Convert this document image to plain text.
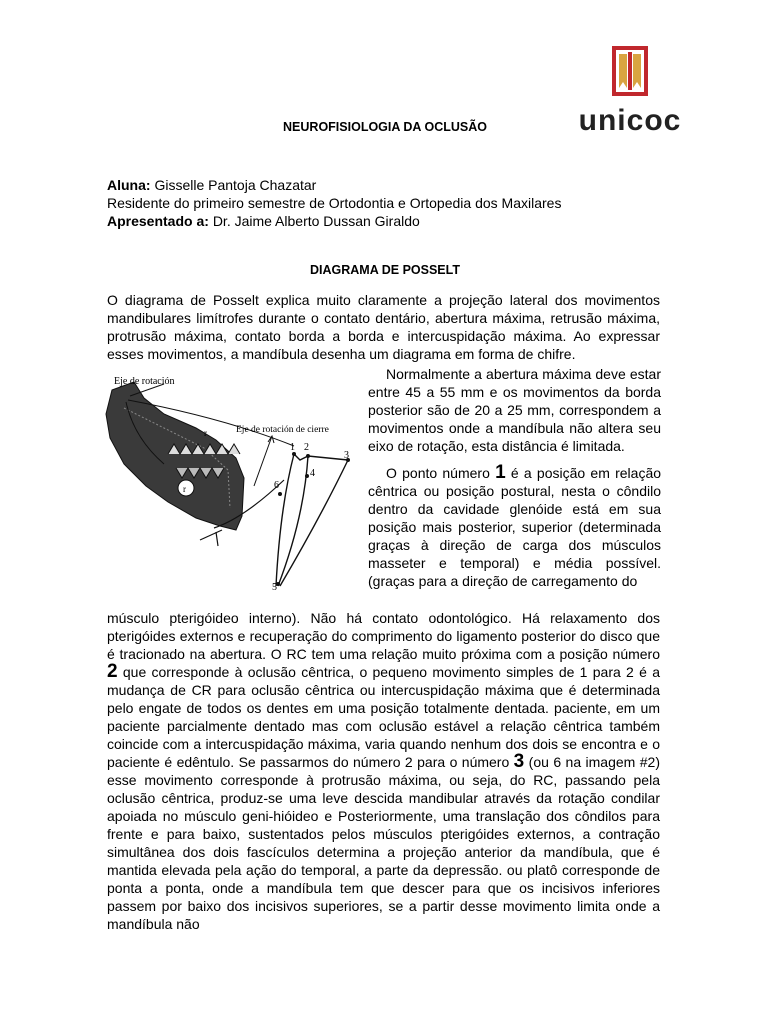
unicoc
NEUROFISIOLOGIA DA OCLUSÃO
Aluna: Gisselle Pantoja Chazatar
Residente do primeiro semestre de Ortodontia e Ortopedia dos Maxilares
Apresentado a: Dr. Jaime Alberto Dussan Giraldo
DIAGRAMA DE POSSELT

O diagrama de Posselt explica muito claramente a projeção lateral dos movimentos mandibulares limítrofes durante o contato dentário, abertura máxima, retrusão máxima, protrusão máxima, contato borda a borda e intercuspidação máxima. Ao expressar esses movimentos, a mandíbula desenha um diagrama em forma de chifre.

r
r
Eje de rotación
Eje de rotación de cierre
1 2
3
4
5
6

Normalmente a abertura máxima deve estar entre 45 a 55 mm e os movimentos da borda posterior são de 20 a 25 mm, correspondem a movimentos onde a mandíbula não altera seu eixo de rotação, esta distância é limitada.

O ponto número 1 é a posição em relação cêntrica ou posição postural, nesta o côndilo dentro da cavidade glenóide está em sua posição mais posterior, superior (determinada graças à direção de carga dos músculos masseter e temporal) e média possível. (graças para a direção de carregamento do

músculo pterigóideo interno). Não há contato odontológico. Há relaxamento dos pterigóides externos e recuperação do comprimento do ligamento posterior do disco que é tracionado na abertura. O RC tem uma relação muito próxima com a posição número 2 que corresponde à oclusão cêntrica, o pequeno movimento simples de 1 para 2 é a mudança de CR para oclusão cêntrica ou intercuspidação máxima que é determinada pelo engate de todos os dentes em uma posição totalmente dentada. paciente, em um paciente parcialmente dentado mas com oclusão estável a relação cêntrica também coincide com a intercuspidação máxima, varia quando nenhum dos dois se encontra e o paciente é edêntulo. Se passarmos do número 2 para o número 3 (ou 6 na imagem #2) esse movimento corresponde à protrusão máxima, ou seja, do RC, passando pela oclusão cêntrica, produz-se uma leve descida mandibular através da rotação condilar apoiada no músculo geni-hióideo e Posteriormente, uma translação dos côndilos para frente e para baixo, sustentados pelos músculos pterigóides externos, a contração simultânea dos dois fascículos determina a projeção anterior da mandíbula, que é mantida elevada pela ação do temporal, a parte da depressão. ou platô corresponde de ponta a ponta, onde a mandíbula tem que descer para que os incisivos inferiores passem por baixo dos incisivos superiores, se a partir desse movimento limita onde a mandíbula não
